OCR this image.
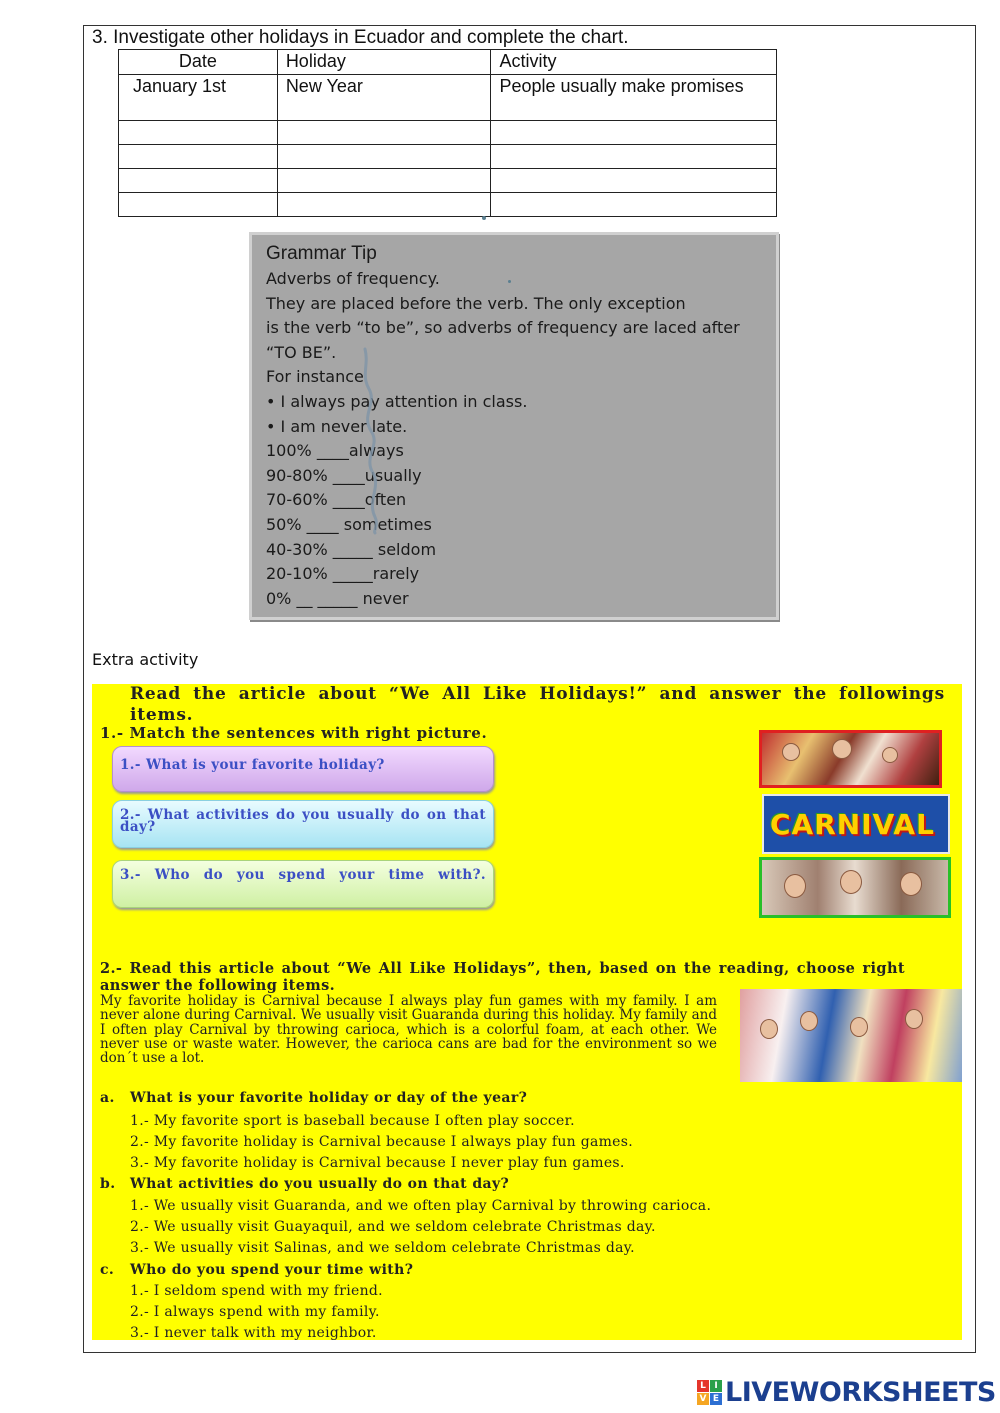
3. Investigate other holidays in Ecuador and complete the chart.
Date	Holiday	Activity
January 1st	New Year	People usually make promises

Grammar Tip
Adverbs of frequency.
They are placed before the verb. The only exception
is the verb “to be”, so adverbs of frequency are laced after
“TO BE”.
For instance
• I always pay attention in class.
• I am never late.
100% ____always
90-80% ____usually
70-60% ____often
50% ____ sometimes
40-30% _____ seldom
20-10% _____rarely
0% __ _____ never
Extra activity
Read the article about “We All Like Holidays!” and answer the followings items.
1.- Match the sentences with right picture.
1.- What is your favorite holiday?
2.- What activities do you usually do on that day?
3.- Who do you spend your time with?.
CARNIVAL
2.- Read this article about “We All Like Holidays”, then, based on the reading, choose right answer the following items.
My favorite holiday is Carnival because I always play fun games with my family. I am never alone during Carnival. We usually visit Guaranda during this holiday. My family and I often play Carnival by throwing carioca, which is a colorful foam, at each other. We never use or waste water. However, the carioca cans are bad for the environment so we don´t use a lot.
a. What is your favorite holiday or day of the year?
1.- My favorite sport is baseball because I often play soccer.
2.- My favorite holiday is Carnival because I always play fun games.
3.- My favorite holiday is Carnival because I never play fun games.
b. What activities do you usually do on that day?
1.- We usually visit Guaranda, and we often play Carnival by throwing carioca.
2.- We usually visit Guayaquil, and we seldom celebrate Christmas day.
3.- We usually visit Salinas, and we seldom celebrate Christmas day.
c. Who do you spend your time with?
1.- I seldom spend with my friend.
2.- I always spend with my family.
3.- I never talk with my neighbor.
L I
V E LIVEWORKSHEETS
